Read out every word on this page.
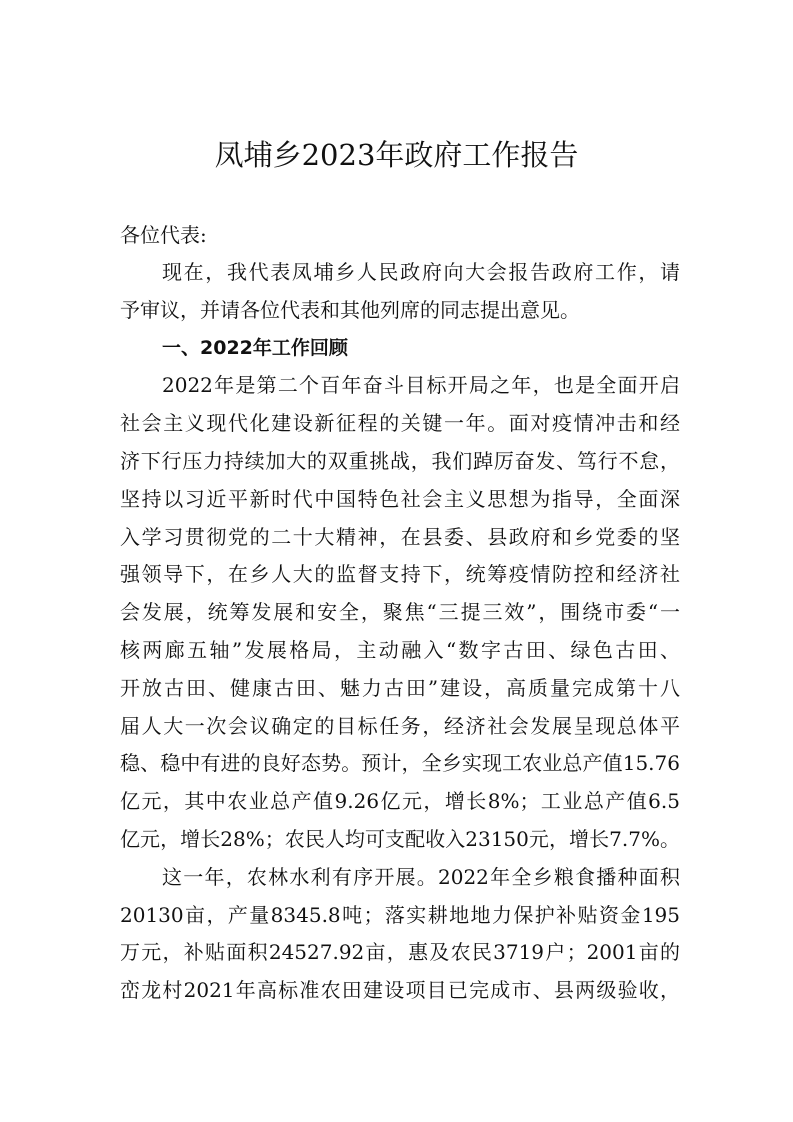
凤埔乡2023年政府工作报告
各位代表:
现在，我代表凤埔乡人民政府向大会报告政府工作，请
予审议，并请各位代表和其他列席的同志提出意见。
一、2022年工作回顾
2022年是第二个百年奋斗目标开局之年，也是全面开启
社会主义现代化建设新征程的关键一年。面对疫情冲击和经
济下行压力持续加大的双重挑战，我们踔厉奋发、笃行不怠，
坚持以习近平新时代中国特色社会主义思想为指导，全面深
入学习贯彻党的二十大精神，在县委、县政府和乡党委的坚
强领导下，在乡人大的监督支持下，统筹疫情防控和经济社
会发展，统筹发展和安全，聚焦“三提三效”，围绕市委“一
核两廊五轴”发展格局，主动融入“数字古田、绿色古田、
开放古田、健康古田、魅力古田”建设，高质量完成第十八
届人大一次会议确定的目标任务，经济社会发展呈现总体平
稳、稳中有进的良好态势。预计，全乡实现工农业总产值15.76
亿元，其中农业总产值9.26亿元，增长8%；工业总产值6.5
亿元，增长28%；农民人均可支配收入23150元，增长7.7%。
这一年，农林水利有序开展。2022年全乡粮食播种面积
20130亩，产量8345.8吨；落实耕地地力保护补贴资金195
万元，补贴面积24527.92亩，惠及农民3719户；2001亩的
峦龙村2021年高标准农田建设项目已完成市、县两级验收，
